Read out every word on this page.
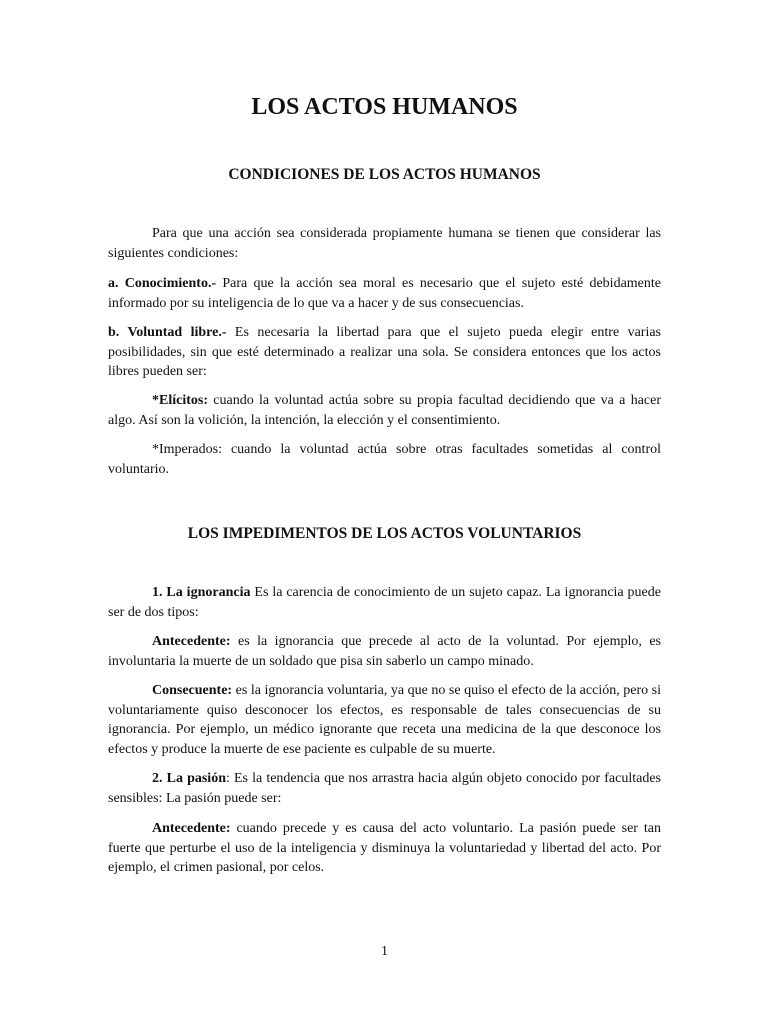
LOS ACTOS HUMANOS
CONDICIONES DE LOS ACTOS HUMANOS

Para que una acción sea considerada propiamente humana se tienen que considerar las siguientes condiciones:

a. Conocimiento.- Para que la acción sea moral es necesario que el sujeto esté debidamente informado por su inteligencia de lo que va a hacer y de sus consecuencias.

b. Voluntad libre.- Es necesaria la libertad para que el sujeto pueda elegir entre varias posibilidades, sin que esté determinado a realizar una sola. Se considera entonces que los actos libres pueden ser:

*Elícitos: cuando la voluntad actúa sobre su propia facultad decidiendo que va a hacer algo. Así son la volición, la intención, la elección y el consentimiento.

*Imperados: cuando la voluntad actúa sobre otras facultades sometidas al control voluntario.

LOS IMPEDIMENTOS DE LOS ACTOS VOLUNTARIOS

1. La ignorancia Es la carencia de conocimiento de un sujeto capaz. La ignorancia puede ser de dos tipos:

Antecedente: es la ignorancia que precede al acto de la voluntad. Por ejemplo, es involuntaria la muerte de un soldado que pisa sin saberlo un campo minado.

Consecuente: es la ignorancia voluntaria, ya que no se quiso el efecto de la acción, pero si voluntariamente quiso desconocer los efectos, es responsable de tales consecuencias de su ignorancia. Por ejemplo, un médico ignorante que receta una medicina de la que desconoce los efectos y produce la muerte de ese paciente es culpable de su muerte.

2. La pasión: Es la tendencia que nos arrastra hacia algún objeto conocido por facultades sensibles: La pasión puede ser:

Antecedente: cuando precede y es causa del acto voluntario. La pasión puede ser tan fuerte que perturbe el uso de la inteligencia y disminuya la voluntariedad y libertad del acto. Por ejemplo, el crimen pasional, por celos.

1
